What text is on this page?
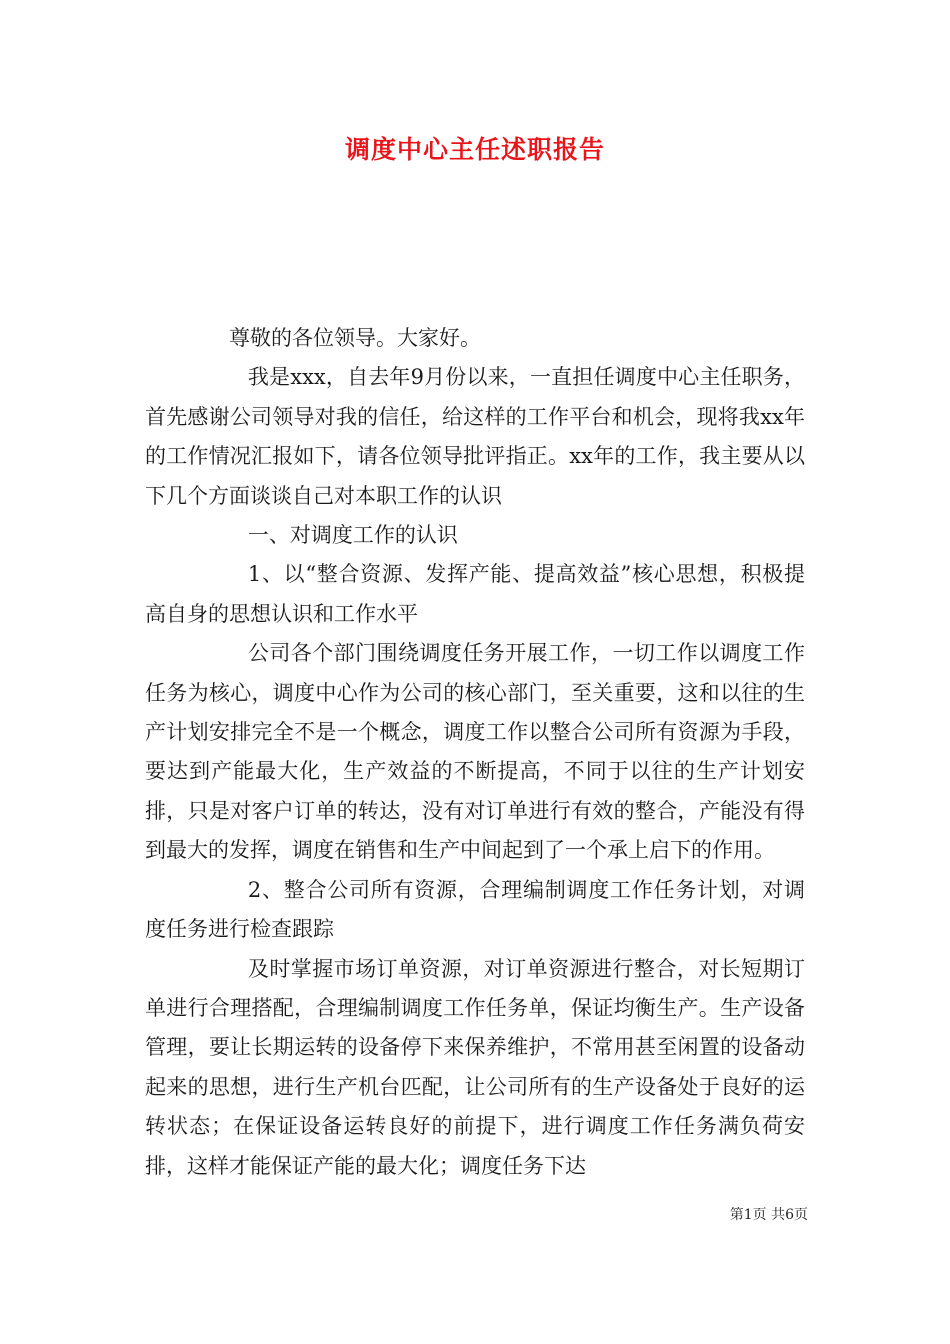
调度中心主任述职报告

尊敬的各位领导。大家好。

我是xxx，自去年9月份以来，一直担任调度中心主任职务，首先感谢公司领导对我的信任，给这样的工作平台和机会，现将我xx年的工作情况汇报如下，请各位领导批评指正。xx年的工作，我主要从以下几个方面谈谈自己对本职工作的认识

一、对调度工作的认识

1、以“整合资源、发挥产能、提高效益”核心思想，积极提高自身的思想认识和工作水平

公司各个部门围绕调度任务开展工作，一切工作以调度工作任务为核心，调度中心作为公司的核心部门，至关重要，这和以往的生产计划安排完全不是一个概念，调度工作以整合公司所有资源为手段，要达到产能最大化，生产效益的不断提高，不同于以往的生产计划安排，只是对客户订单的转达，没有对订单进行有效的整合，产能没有得到最大的发挥，调度在销售和生产中间起到了一个承上启下的作用。

2、整合公司所有资源，合理编制调度工作任务计划，对调度任务进行检查跟踪

及时掌握市场订单资源，对订单资源进行整合，对长短期订单进行合理搭配，合理编制调度工作任务单，保证均衡生产。生产设备管理，要让长期运转的设备停下来保养维护，不常用甚至闲置的设备动起来的思想，进行生产机台匹配，让公司所有的生产设备处于良好的运转状态；在保证设备运转良好的前提下，进行调度工作任务满负荷安排，这样才能保证产能的最大化；调度任务下达

第1页 共6页
